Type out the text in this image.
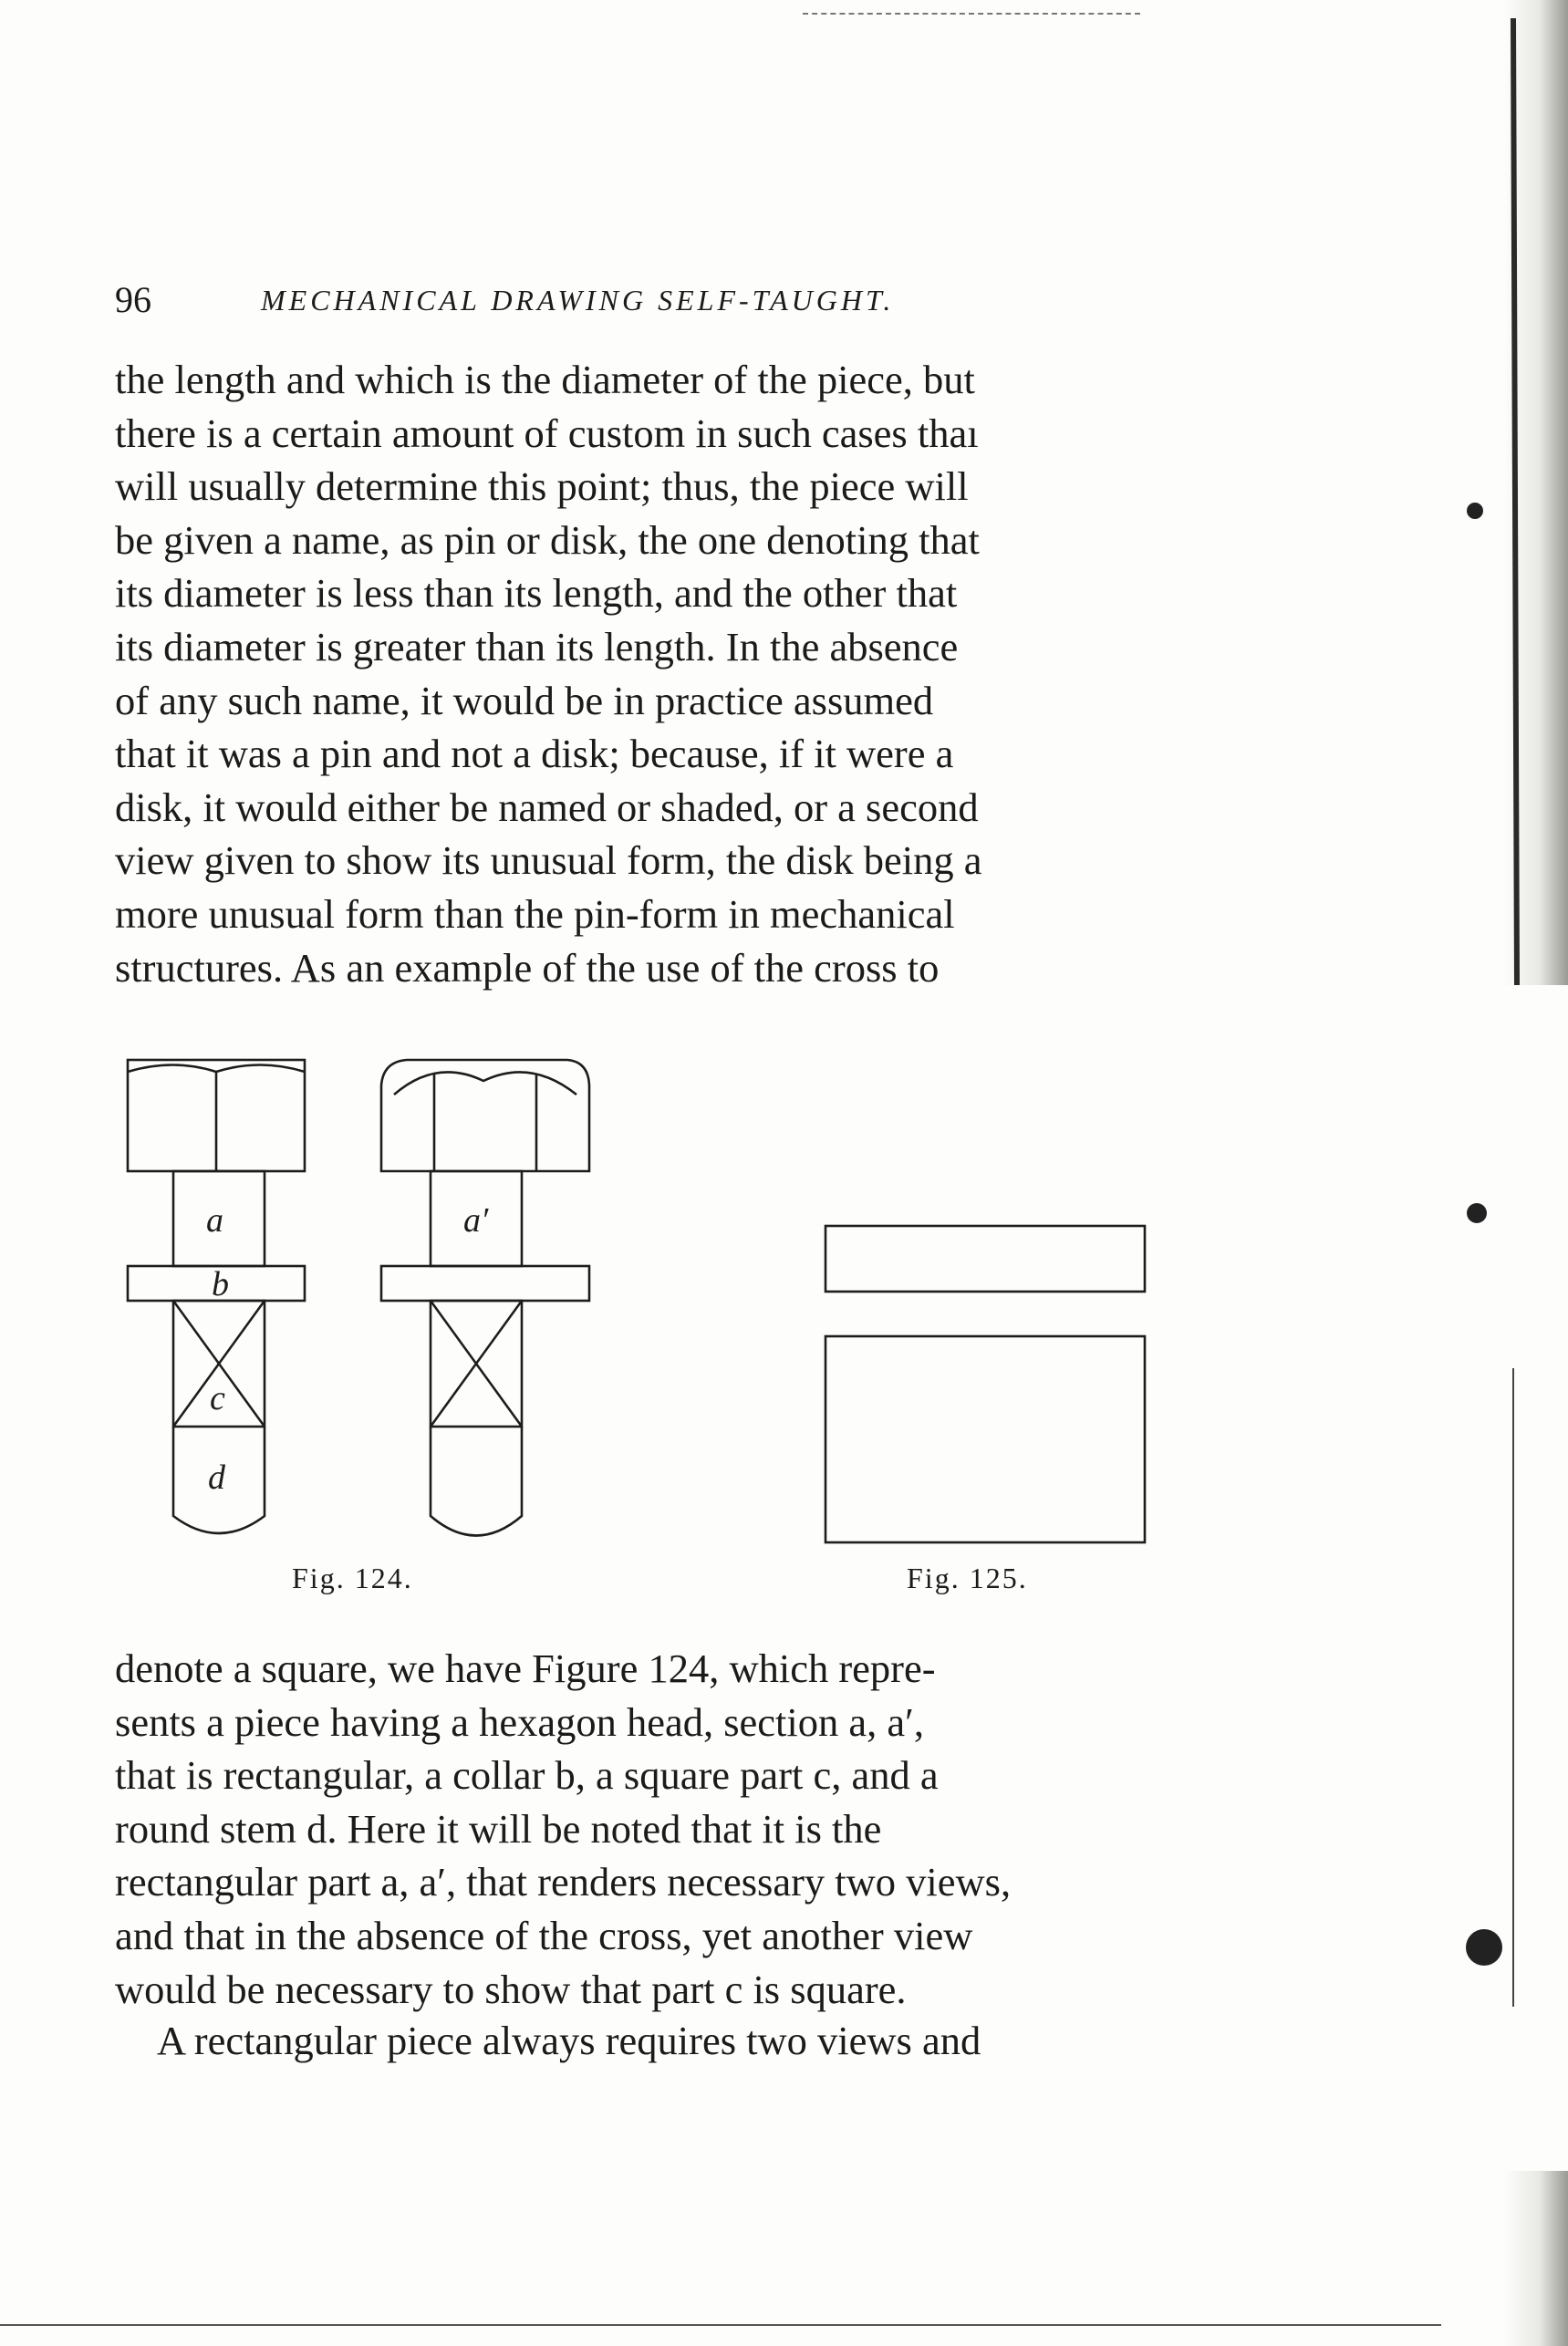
96	MECHANICAL DRAWING SELF-TAUGHT.

the length and which is the diameter of the piece, but
there is a certain amount of custom in such cases thaı
will usually determine this point; thus, the piece will
be given a name, as pin or disk, the one denoting that
its diameter is less than its length, and the other that
its diameter is greater than its length. In the absence
of any such name, it would be in practice assumed
that it was a pin and not a disk; because, if it were a
disk, it would either be named or shaded, or a second
view given to show its unusual form, the disk being a
more unusual form than the pin-form in mechanical
structures. As an example of the use of the cross to

a	a′
b
c
d
Fig. 124.	Fig. 125.

denote a square, we have Figure 124, which repre-
sents a piece having a hexagon head, section a, a′,
that is rectangular, a collar b, a square part c, and a
round stem d. Here it will be noted that it is the
rectangular part a, a′, that renders necessary two views,
and that in the absence of the cross, yet another view
would be necessary to show that part c is square.

A rectangular piece always requires two views and
